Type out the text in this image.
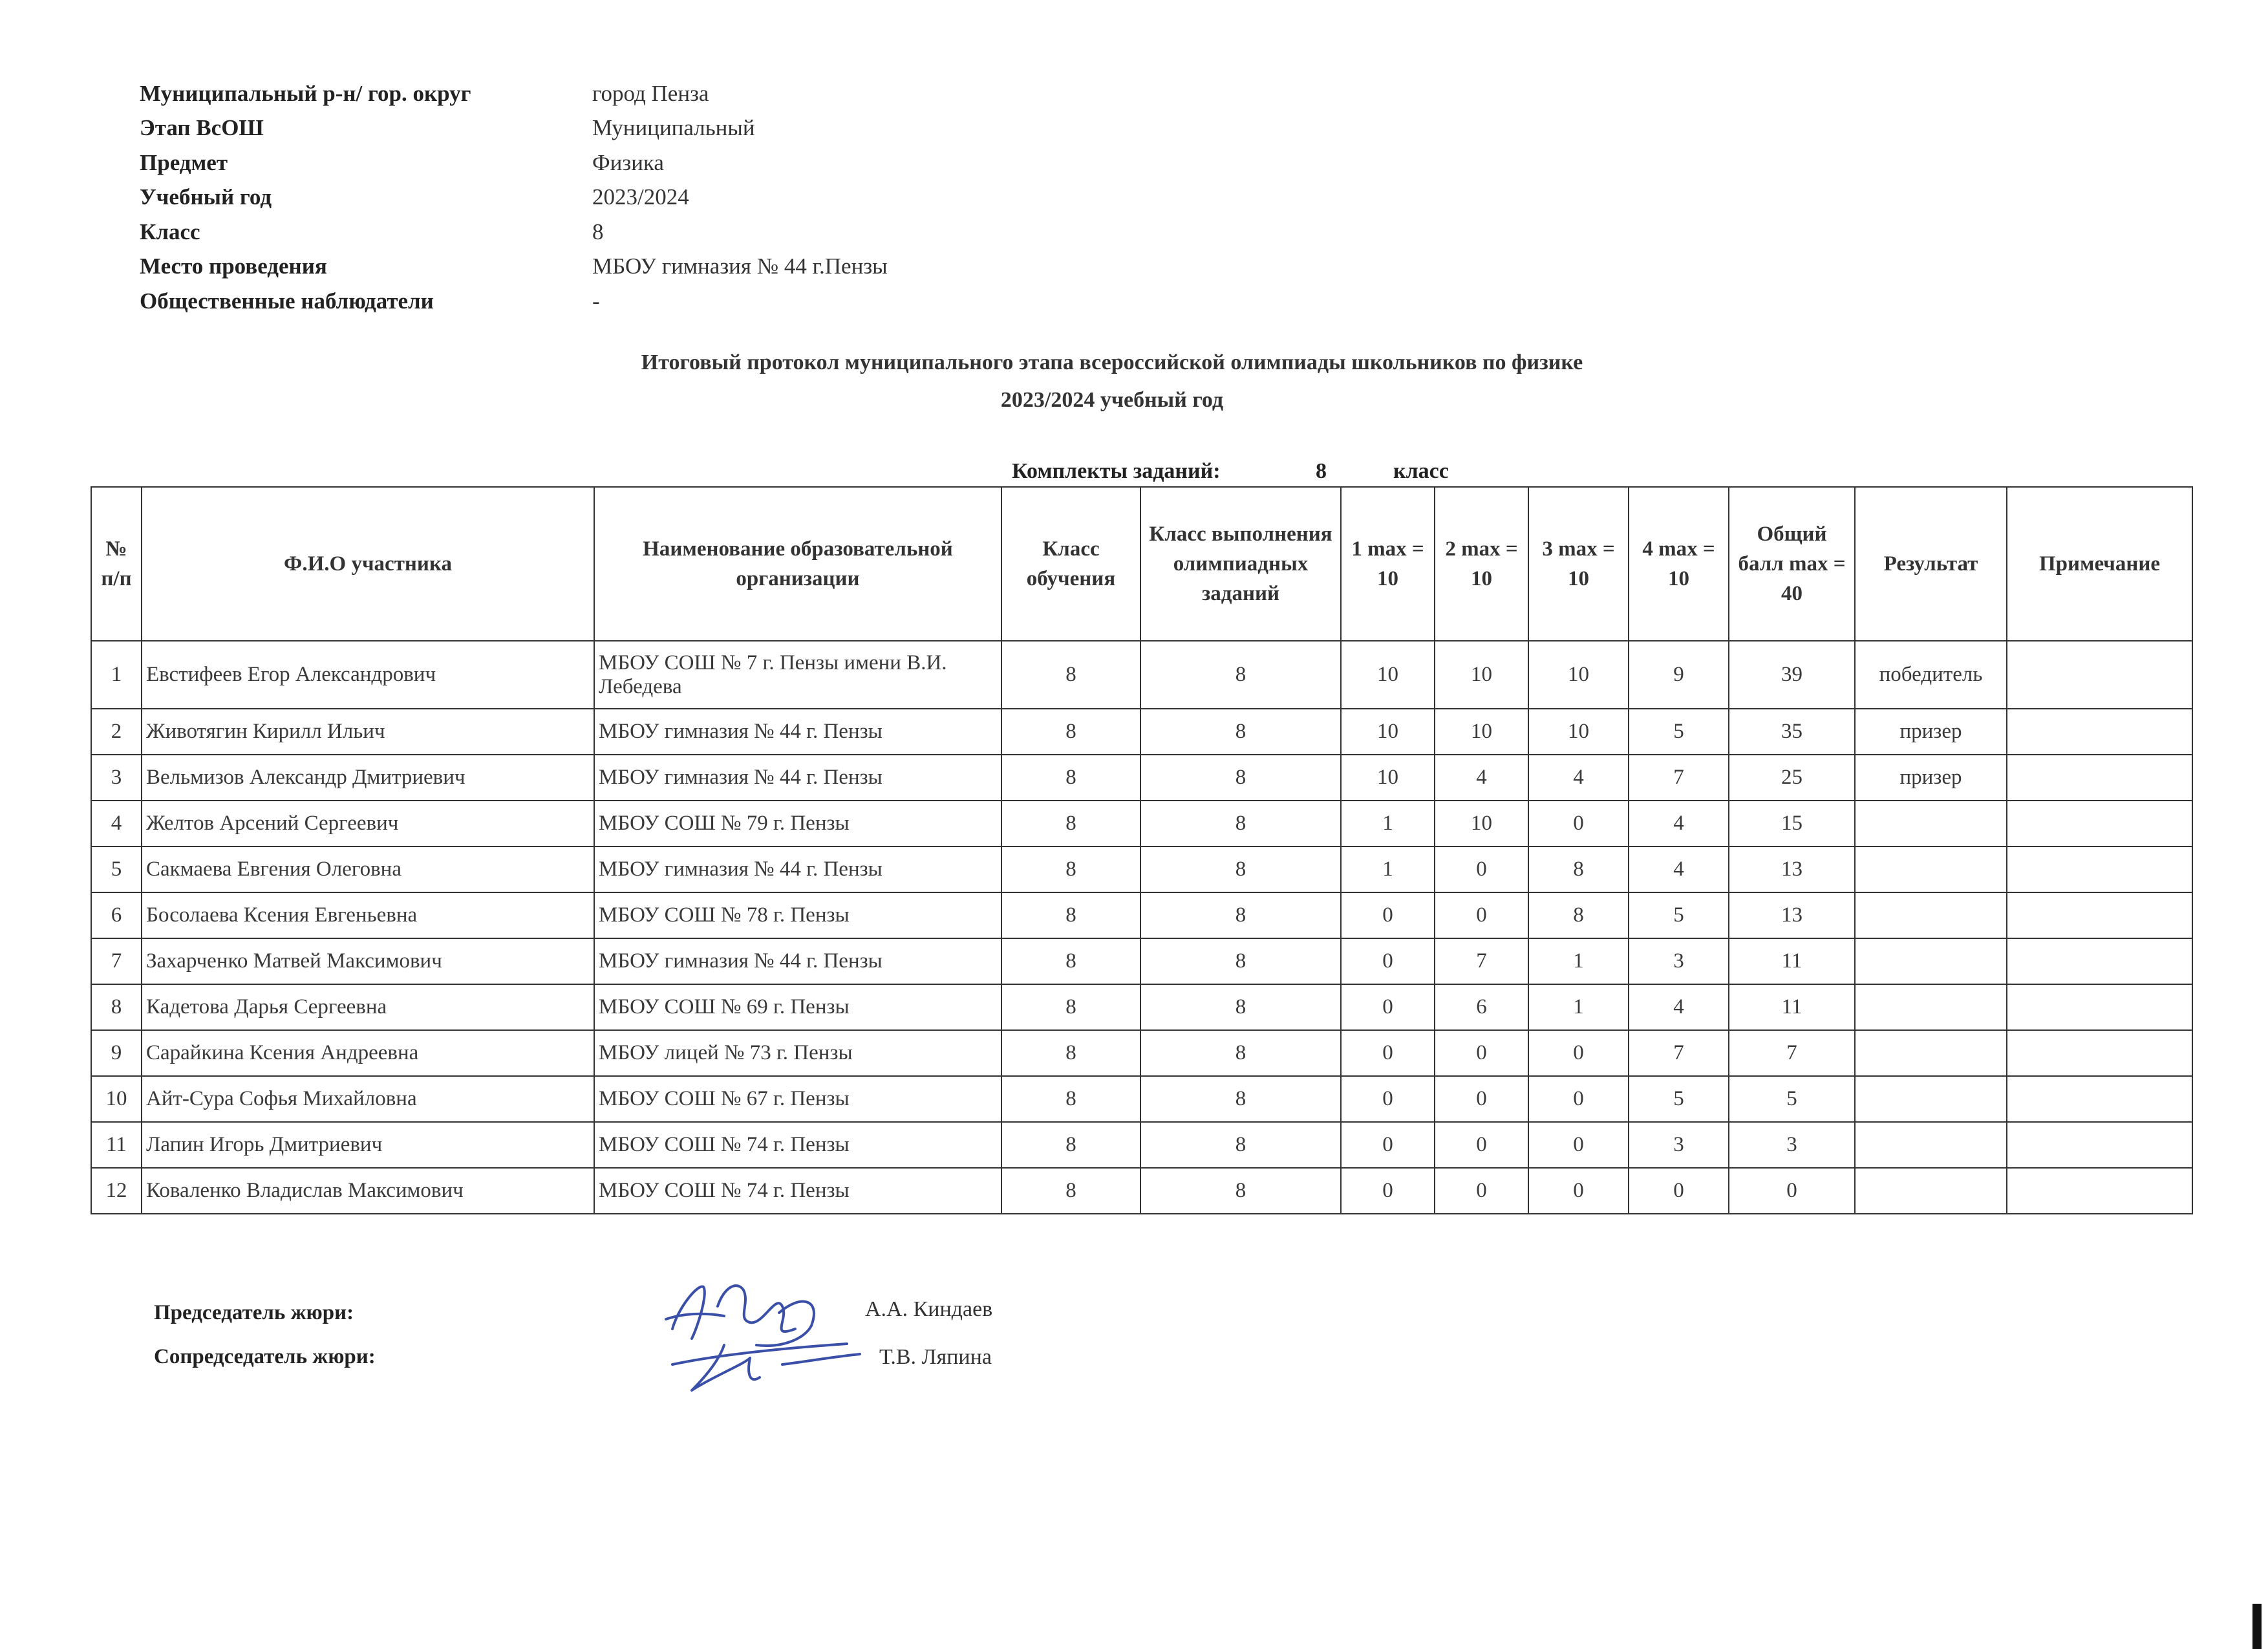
Муниципальный р-н/ гор. округ	город Пенза
Этап ВсОШ	Муниципальный
Предмет	Физика
Учебный год	2023/2024
Класс	8
Место проведения	МБОУ гимназия № 44 г.Пензы
Общественные наблюдатели	-
Итоговый протокол муниципального этапа всероссийской олимпиады школьников по физике
2023/2024 учебный год
Комплекты заданий:	8	класс
№ п/п	Ф.И.О участника	Наименование образовательной организации	Класс обучения	Класс выполнения олимпиадных заданий	1 max = 10	2 max = 10	3 max = 10	4 max = 10	Общий балл max = 40	Результат	Примечание
1	Евстифеев Егор Александрович	МБОУ СОШ № 7 г. Пензы имени В.И. Лебедева	8	8	10	10	10	9	39	победитель	
2	Животягин Кирилл Ильич	МБОУ гимназия № 44 г. Пензы	8	8	10	10	10	5	35	призер	
3	Вельмизов Александр Дмитриевич	МБОУ гимназия № 44 г. Пензы	8	8	10	4	4	7	25	призер	
4	Желтов Арсений Сергеевич	МБОУ СОШ № 79 г. Пензы	8	8	1	10	0	4	15		
5	Сакмаева Евгения Олеговна	МБОУ гимназия № 44 г. Пензы	8	8	1	0	8	4	13		
6	Босолаева Ксения Евгеньевна	МБОУ СОШ № 78 г. Пензы	8	8	0	0	8	5	13		
7	Захарченко Матвей Максимович	МБОУ гимназия № 44 г. Пензы	8	8	0	7	1	3	11		
8	Кадетова Дарья Сергеевна	МБОУ СОШ № 69 г. Пензы	8	8	0	6	1	4	11		
9	Сарайкина Ксения Андреевна	МБОУ лицей № 73 г. Пензы	8	8	0	0	0	7	7		
10	Айт-Сура Софья Михайловна	МБОУ СОШ № 67 г. Пензы	8	8	0	0	0	5	5		
11	Лапин Игорь Дмитриевич	МБОУ СОШ № 74 г. Пензы	8	8	0	0	0	3	3		
12	Коваленко Владислав Максимович	МБОУ СОШ № 74 г. Пензы	8	8	0	0	0	0	0		
Председатель жюри:
Сопредседатель жюри:
А.А. Киндаев
Т.В. Ляпина
